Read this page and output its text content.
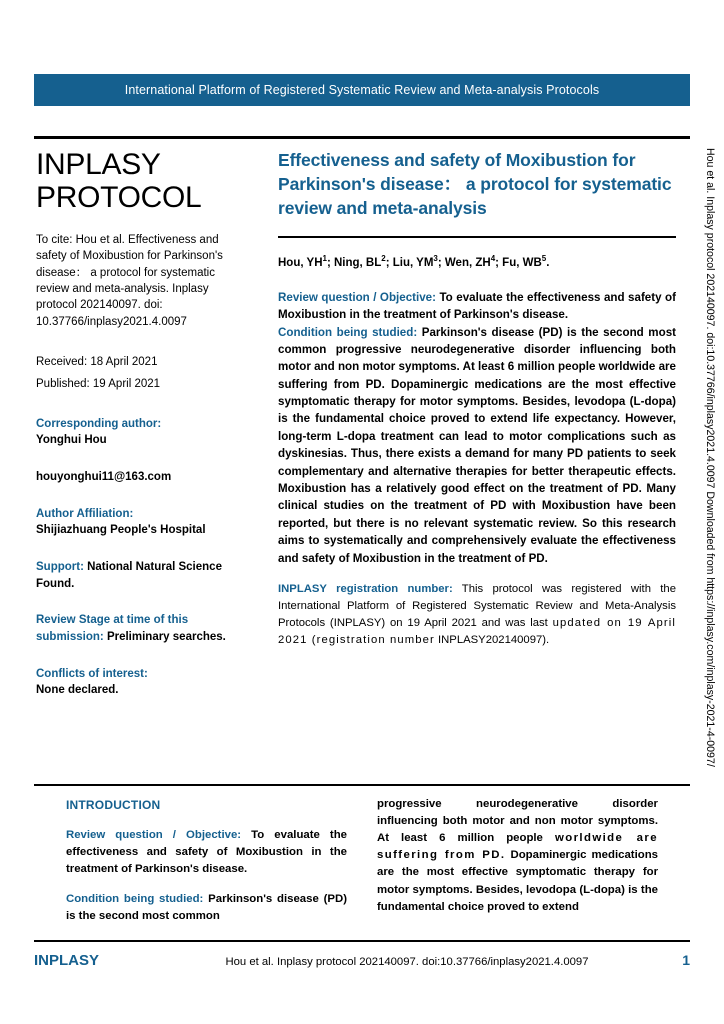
International Platform of Registered Systematic Review and Meta-analysis Protocols
INPLASY
PROTOCOL
To cite: Hou et al. Effectiveness and safety of Moxibustion for Parkinson's disease： a protocol for systematic review and meta-analysis. Inplasy protocol 202140097. doi: 10.37766/inplasy2021.4.0097
Received: 18 April 2021
Published: 19 April 2021
Corresponding author:
Yonghui Hou
houyonghui11@163.com
Author Affiliation:
Shijiazhuang People's Hospital
Support: National Natural Science Found.
Review Stage at time of this submission: Preliminary searches.
Conflicts of interest:
None declared.
Effectiveness and safety of Moxibustion for Parkinson's disease： a protocol for systematic review and meta-analysis
Hou, $YH^1$; Ning, $BL^2$; Liu, $YM^3$; Wen, $ZH^4$; Fu, $WB^5$.

Review question / Objective: To evaluate the effectiveness and safety of Moxibustion in the treatment of Parkinson's disease.

Condition being studied: Parkinson's disease (PD) is the second most common progressive neurodegenerative disorder influencing both motor and non motor symptoms. At least 6 million people worldwide are suffering from PD. Dopaminergic medications are the most effective symptomatic therapy for motor symptoms. Besides, levodopa (L-dopa) is the fundamental choice proved to extend life expectancy. However, long-term L-dopa treatment can lead to motor complications such as dyskinesias. Thus, there exists a demand for many PD patients to seek complementary and alternative therapies for better therapeutic effects. Moxibustion has a relatively good effect on the treatment of PD. Many clinical studies on the treatment of PD with Moxibustion have been reported, but there is no relevant systematic review. So this research aims to systematically and comprehensively evaluate the effectiveness and safety of Moxibustion in the treatment of PD.

INPLASY registration number: This protocol was registered with the International Platform of Registered Systematic Review and Meta-Analysis Protocols (INPLASY) on 19 April 2021 and was last updated on 19 April 2021 (registration number INPLASY202140097).
INTRODUCTION

Review question / Objective: To evaluate the effectiveness and safety of Moxibustion in the treatment of Parkinson's disease.

Condition being studied: Parkinson's disease (PD) is the second most common

progressive neurodegenerative disorder influencing both motor and non motor symptoms. At least 6 million people worldwide are suffering from PD. Dopaminergic medications are the most effective symptomatic therapy for motor symptoms. Besides, levodopa (L-dopa) is the fundamental choice proved to extend

INPLASY	Hou et al. Inplasy protocol 202140097. doi:10.37766/inplasy2021.4.0097	1
Hou et al. Inplasy protocol 202140097. doi:10.37766/inplasy2021.4.0097 Downloaded from https://inplasy.com/inplasy-2021-4-0097/
